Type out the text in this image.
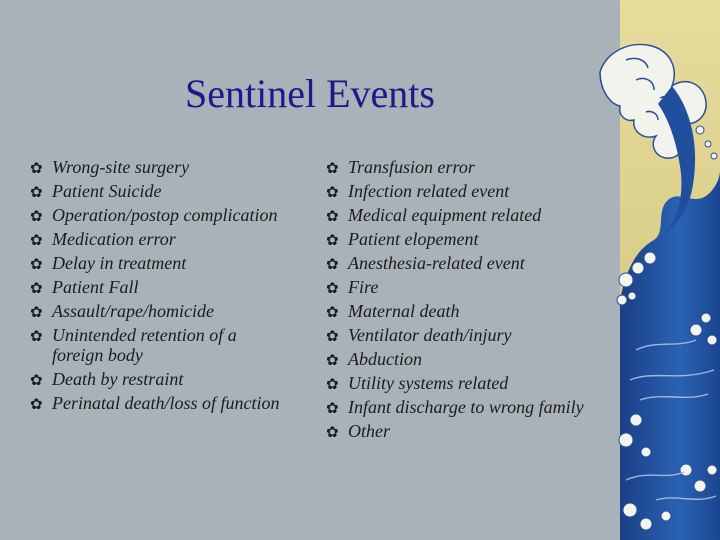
Sentinel Events
✿ Wrong-site surgery
✿ Patient Suicide
✿ Operation/postop complication
✿ Medication error
✿ Delay in treatment
✿ Patient Fall
✿ Assault/rape/homicide
✿ Unintended retention of a foreign body
✿ Death by restraint
✿ Perinatal death/loss of function
✿ Transfusion error
✿ Infection related event
✿ Medical equipment related
✿ Patient elopement
✿ Anesthesia-related event
✿ Fire
✿ Maternal death
✿ Ventilator death/injury
✿ Abduction
✿ Utility systems related
✿ Infant discharge to wrong family
✿ Other
